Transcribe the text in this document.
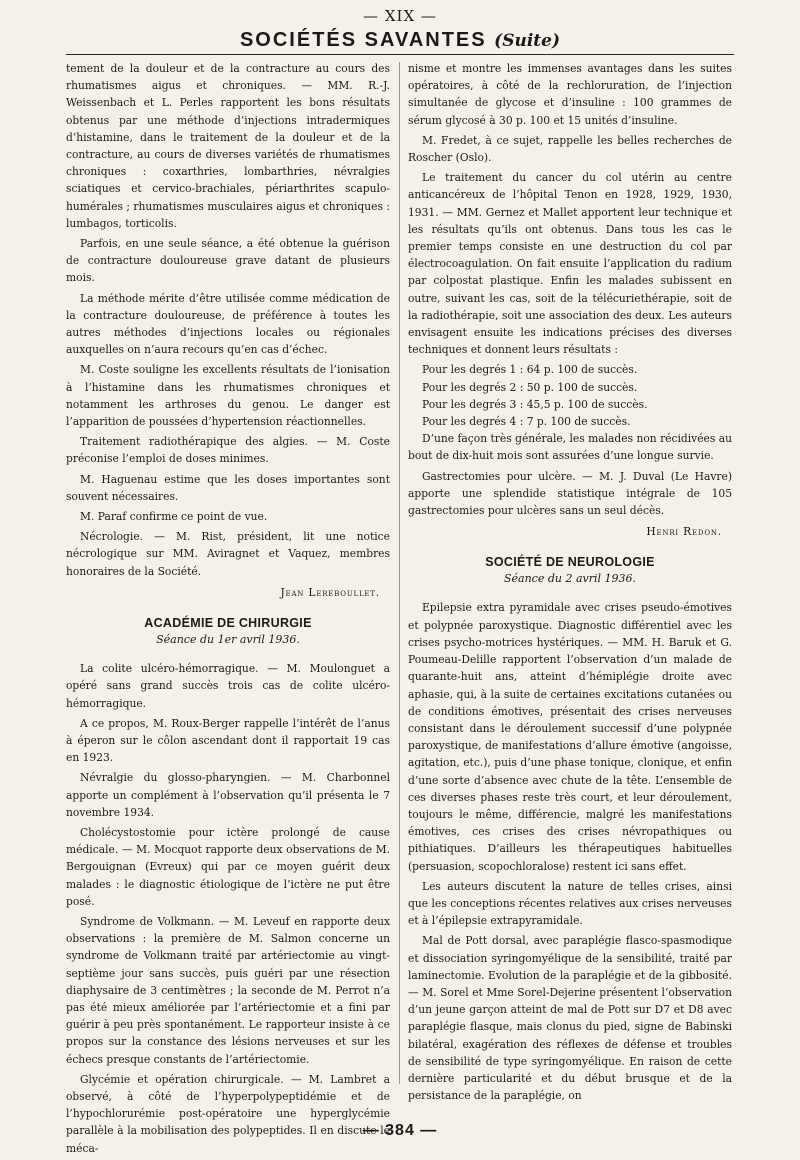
— XIX —
SOCIÉTÉS SAVANTES (Suite)

tement de la douleur et de la contracture au cours des rhumatismes aigus et chroniques. — MM. R.-J. Weissenbach et L. Perles rapportent les bons résultats obtenus par une méthode d’injections intradermiques d’histamine, dans le traitement de la douleur et de la contracture, au cours de diverses variétés de rhumatismes chroniques : coxarthries, lombarthries, névralgies sciatiques et cervico-brachiales, périarthrites scapulo-humérales ; rhumatismes musculaires aigus et chroniques : lumbagos, torticolis.

Parfois, en une seule séance, a été obtenue la guérison de contracture douloureuse grave datant de plusieurs mois.

La méthode mérite d’être utilisée comme médication de la contracture douloureuse, de préférence à toutes les autres méthodes d’injections locales ou régionales auxquelles on n’aura recours qu’en cas d’échec.

M. Coste souligne les excellents résultats de l’ionisation à l’histamine dans les rhumatismes chroniques et notamment les arthroses du genou. Le danger est l’apparition de poussées d’hypertension réactionnelles.

Traitement radiothérapique des algies. — M. Coste préconise l’emploi de doses minimes.

M. Haguenau estime que les doses importantes sont souvent nécessaires.

M. Paraf confirme ce point de vue.

Nécrologie. — M. Rist, président, lit une notice nécrologique sur MM. Aviragnet et Vaquez, membres honoraires de la Société.

Jean Lereboullet.

ACADÉMIE DE CHIRURGIE
Séance du 1er avril 1936.

La colite ulcéro-hémorragique. — M. Moulonguet a opéré sans grand succès trois cas de colite ulcéro-hémorragique.

A ce propos, M. Roux-Berger rappelle l’intérêt de l’anus à éperon sur le côlon ascendant dont il rapportait 19 cas en 1923.

Névralgie du glosso-pharyngien. — M. Charbonnel apporte un complément à l’observation qu’il présenta le 7 novembre 1934.

Cholécystostomie pour ictère prolongé de cause médicale. — M. Mocquot rapporte deux observations de M. Bergouignan (Evreux) qui par ce moyen guérit deux malades : le diagnostic étiologique de l’ictère ne put être posé.

Syndrome de Volkmann. — M. Leveuf en rapporte deux observations : la première de M. Salmon concerne un syndrome de Volkmann traité par artériectomie au vingt-septième jour sans succès, puis guéri par une résection diaphysaire de 3 centimètres ; la seconde de M. Perrot n’a pas été mieux améliorée par l’artériectomie et a fini par guérir à peu près spontanément. Le rapporteur insiste à ce propos sur la constance des lésions nerveuses et sur les échecs presque constants de l’artériectomie.

Glycémie et opération chirurgicale. — M. Lambret a observé, à côté de l’hyperpolypeptidémie et de l’hypochlorurémie post-opératoire une hyperglycémie parallèle à la mobilisation des polypeptides. Il en discute le méca-

nisme et montre les immenses avantages dans les suites opératoires, à côté de la rechloruration, de l’injection simultanée de glycose et d’insuline : 100 grammes de sérum glycosé à 30 p. 100 et 15 unités d’insuline.

M. Fredet, à ce sujet, rappelle les belles recherches de Roscher (Oslo).

Le traitement du cancer du col utérin au centre anticancéreux de l’hôpital Tenon en 1928, 1929, 1930, 1931. — MM. Gernez et Mallet apportent leur technique et les résultats qu’ils ont obtenus. Dans tous les cas le premier temps consiste en une destruction du col par électrocoagulation. On fait ensuite l’application du radium par colpostat plastique. Enfin les malades subissent en outre, suivant les cas, soit de la télécuriethérapie, soit de la radiothérapie, soit une association des deux. Les auteurs envisagent ensuite les indications précises des diverses techniques et donnent leurs résultats :

Pour les degrés 1 : 64 p. 100 de succès.

Pour les degrés 2 : 50 p. 100 de succès.

Pour les degrés 3 : 45,5 p. 100 de succès.

Pour les degrés 4 : 7 p. 100 de succès.

D’une façon très générale, les malades non récidivées au bout de dix-huit mois sont assurées d’une longue survie.

Gastrectomies pour ulcère. — M. J. Duval (Le Havre) apporte une splendide statistique intégrale de 105 gastrectomies pour ulcères sans un seul décès.

Henri Redon.

SOCIÉTÉ DE NEUROLOGIE
Séance du 2 avril 1936.

Epilepsie extra pyramidale avec crises pseudo-émotives et polypnée paroxystique. Diagnostic différentiel avec les crises psycho-motrices hystériques. — MM. H. Baruk et G. Poumeau-Delille rapportent l’observation d’un malade de quarante-huit ans, atteint d’hémiplégie droite avec aphasie, qui, à la suite de certaines excitations cutanées ou de conditions émotives, présentait des crises nerveuses consistant dans le déroulement successif d’une polypnée paroxystique, de manifestations d’allure émotive (angoisse, agitation, etc.), puis d’une phase tonique, clonique, et enfin d’une sorte d’absence avec chute de la tête. L’ensemble de ces diverses phases reste très court, et leur déroulement, toujours le même, différencie, malgré les manifestations émotives, ces crises des crises névropathiques ou pithiatiques. D’ailleurs les thérapeutiques habituelles (persuasion, scopochloralose) restent ici sans effet.

Les auteurs discutent la nature de telles crises, ainsi que les conceptions récentes relatives aux crises nerveuses et à l’épilepsie extrapyramidale.

Mal de Pott dorsal, avec paraplégie flasco-spasmodique et dissociation syringomyélique de la sensibilité, traité par laminectomie. Evolution de la paraplégie et de la gibbosité. — M. Sorel et Mme Sorel-Dejerine présentent l’observation d’un jeune garçon atteint de mal de Pott sur D7 et D8 avec paraplégie flasque, mais clonus du pied, signe de Babinski bilatéral, exagération des réflexes de défense et troubles de sensibilité de type syringomyélique. En raison de cette dernière particularité et du début brusque et de la persistance de la paraplégie, on

— 384 —
